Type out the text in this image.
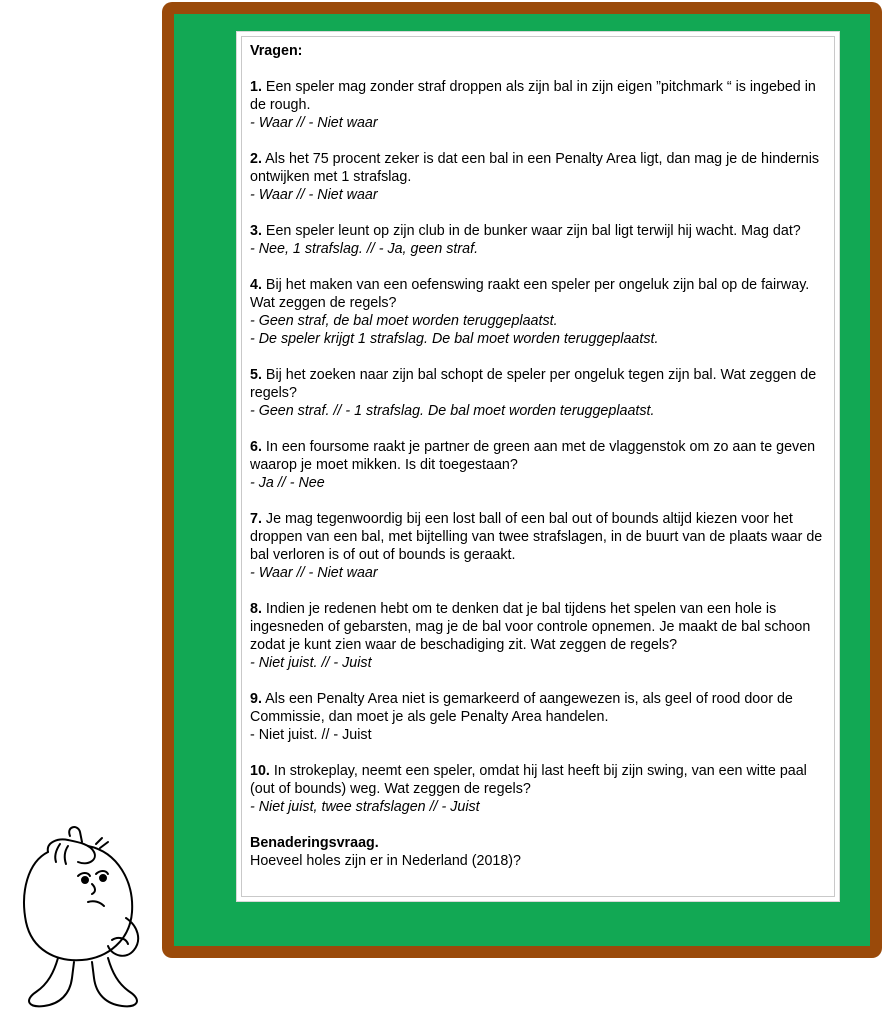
Vragen:
1. Een speler mag zonder straf droppen als zijn bal in zijn eigen ”pitchmark “ is ingebed in de rough.
- Waar // - Niet waar
2. Als het 75 procent zeker is dat een bal in een Penalty Area ligt, dan mag je de hindernis ontwijken met 1 strafslag.
- Waar // - Niet waar
3. Een speler leunt op zijn club in de bunker waar zijn bal ligt terwijl hij wacht. Mag dat?
- Nee, 1 strafslag. // - Ja, geen straf.
4. Bij het maken van een oefenswing raakt een speler per ongeluk zijn bal op de fairway. Wat zeggen de regels?
- Geen straf, de bal moet worden teruggeplaatst.
- De speler krijgt 1 strafslag. De bal moet worden teruggeplaatst.
5. Bij het zoeken naar zijn bal schopt de speler per ongeluk tegen zijn bal. Wat zeggen de regels?
- Geen straf. // - 1 strafslag. De bal moet worden teruggeplaatst.
6. In een foursome raakt je partner de green aan met de vlaggenstok om zo aan te geven waarop je moet mikken. Is dit toegestaan?
- Ja // - Nee
7. Je mag tegenwoordig bij een lost ball of een bal out of bounds altijd kiezen voor het droppen van een bal, met bijtelling van twee strafslagen, in de buurt van de plaats waar de bal verloren is of out of bounds is geraakt.
- Waar // - Niet waar
8. Indien je redenen hebt om te denken dat je bal tijdens het spelen van een hole is ingesneden of gebarsten, mag je de bal voor controle opnemen. Je maakt de bal schoon zodat je kunt zien waar de beschadiging zit. Wat zeggen de regels?
- Niet juist. // - Juist
9. Als een Penalty Area niet is gemarkeerd of aangewezen is, als geel of rood door de Commissie, dan moet je als gele Penalty Area handelen.
- Niet juist. // - Juist
10. In strokeplay, neemt een speler, omdat hij last heeft bij zijn swing, van een witte paal (out of bounds) weg. Wat zeggen de regels?
- Niet juist, twee strafslagen // - Juist
Benaderingsvraag.
Hoeveel holes zijn er in Nederland (2018)?
